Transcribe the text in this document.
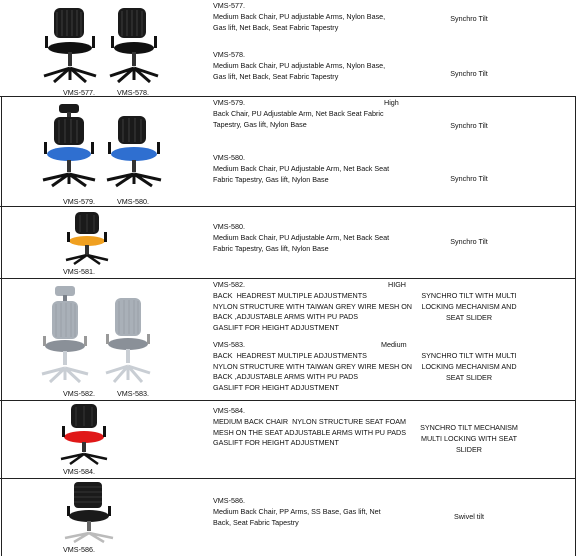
VMS-577.	VMS-578.
VMS-577.
Medium Back Chair, PU adjustable Arms, Nylon Base,
Gas lift, Net Back, Seat Fabric Tapestry
Synchro Tilt
VMS-578.
Medium Back Chair, PU adjustable Arms, Nylon Base,
Gas lift, Net Back, Seat Fabric Tapestry	Synchro Tilt
VMS-579.	VMS-580.
VMS-579.
Back Chair, PU Adjustable Arm, Net Back Seat Fabric
Tapestry, Gas lift, Nylon Base
High
Synchro Tilt
VMS-580.
Medium Back Chair, PU Adjustable Arm, Net Back Seat
Fabric Tapestry, Gas lift, Nylon Base	Synchro Tilt
VMS-581.
VMS-580.
Medium Back Chair, PU Adjustable Arm, Net Back Seat
Fabric Tapestry, Gas lift, Nylon Base
Synchro Tilt
VMS-582.	VMS-583.
VMS-582.
BACK  HEADREST MULTIPLE ADJUSTMENTS
NYLON STRUCTURE WITH TAIWAN GREY WIRE MESH ON
BACK ,ADJUSTABLE ARMS WITH PU PADS
GASLIFT FOR HEIGHT ADJUSTMENT
HIGH
SYNCHRO TILT WITH MULTI
LOCKING MECHANISM AND
SEAT SLIDER
VMS-583.
BACK  HEADREST MULTIPLE ADJUSTMENTS
NYLON STRUCTURE WITH TAIWAN GREY WIRE MESH ON
BACK ,ADJUSTABLE ARMS WITH PU PADS
GASLIFT FOR HEIGHT ADJUSTMENT
Medium
SYNCHRO TILT WITH MULTI
LOCKING MECHANISM AND
SEAT SLIDER
VMS-584.
VMS-584.
MEDIUM BACK CHAIR  NYLON STRUCTURE SEAT FOAM
MESH ON THE SEAT ADJUSTABLE ARMS WITH PU PADS
GASLIFT FOR HEIGHT ADJUSTMENT
SYNCHRO TILT MECHANISM
MULTI LOCKING WITH SEAT
SLIDER
VMS-586.
VMS-586.
Medium Back Chair, PP Arms, SS Base, Gas lift, Net
Back, Seat Fabric Tapestry
Swivel tilt
